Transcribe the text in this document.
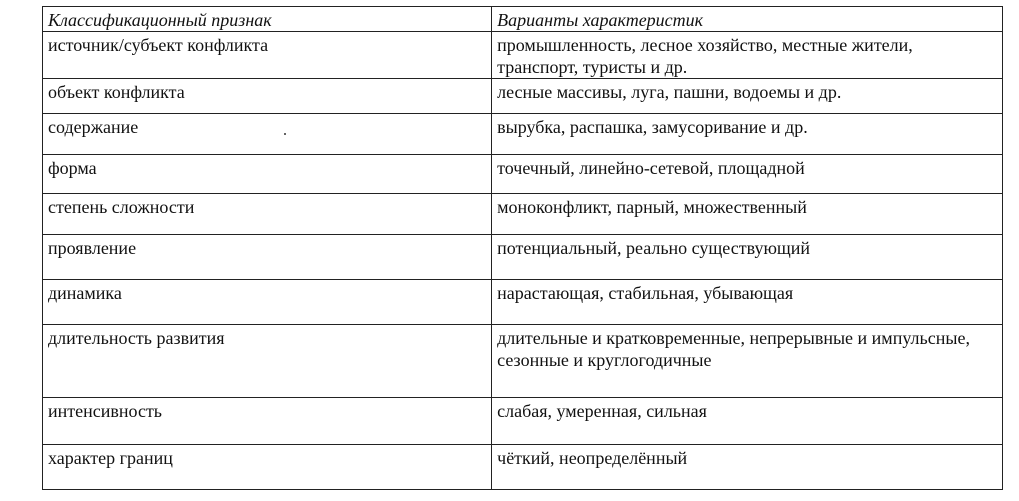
Классификационный признак	Варианты характеристик
источник/субъект конфликта	промышленность, лесное хозяйство, местные жители, транспорт, туристы и др.
объект конфликта	лесные массивы, луга, пашни, водоемы и др.
содержание	вырубка, распашка, замусоривание и др.
форма	точечный, линейно-сетевой, площадной
степень сложности	моноконфликт, парный, множественный
проявление	потенциальный, реально существующий
динамика	нарастающая, стабильная, убывающая
длительность развития	длительные и кратковременные, непрерывные и импульсные, сезонные и круглогодичные
интенсивность	слабая, умеренная, сильная
характер границ	чёткий, неопределённый
